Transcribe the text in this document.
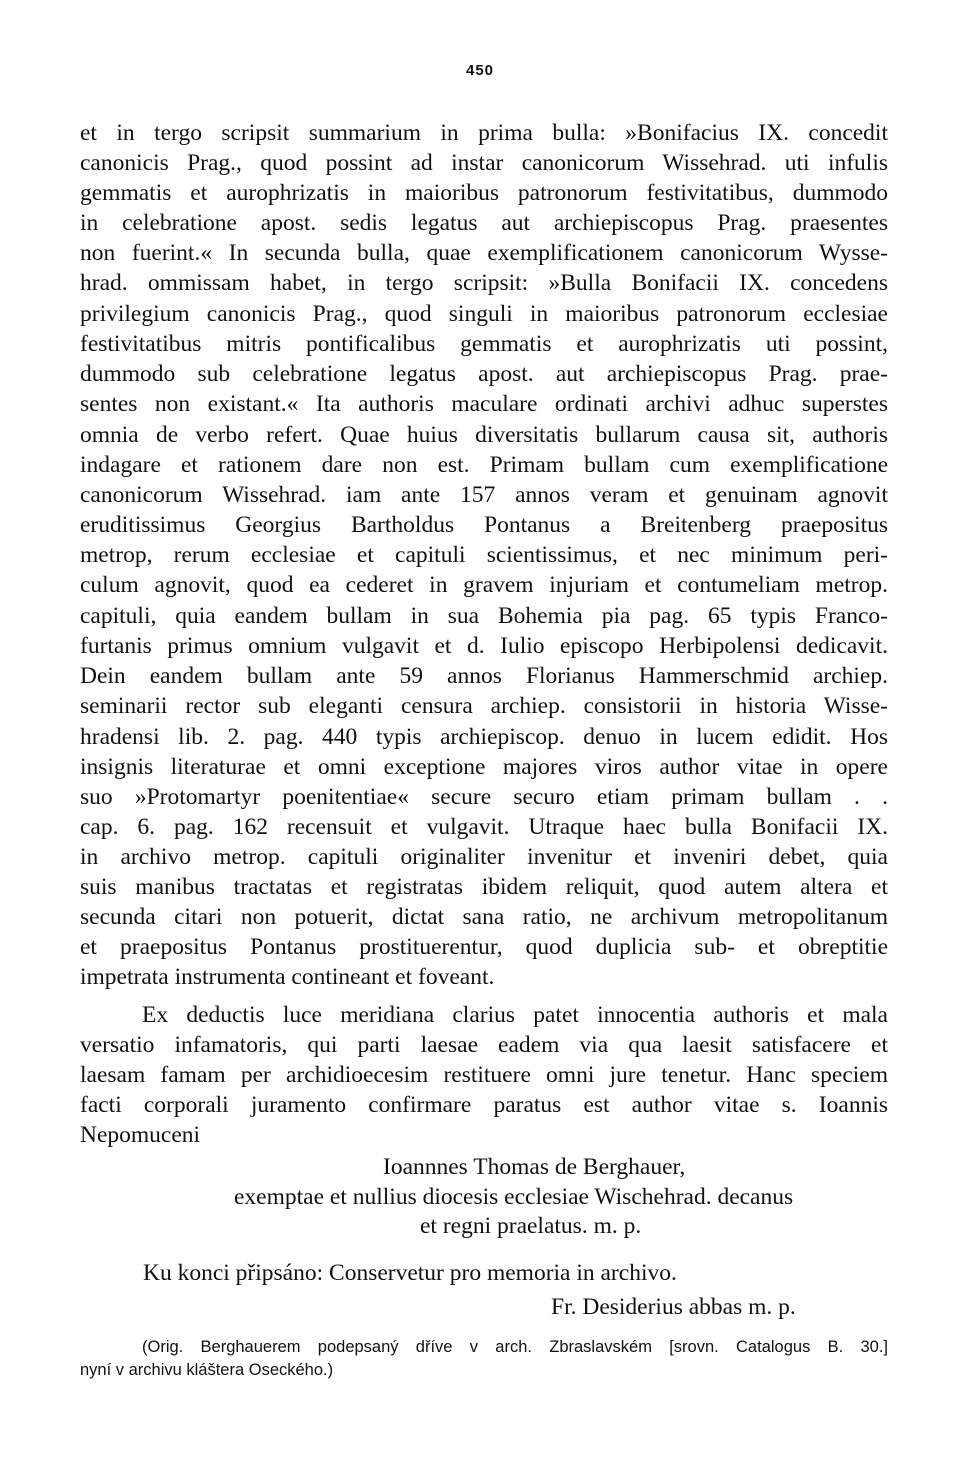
450
et in tergo scripsit summarium in prima bulla: »Bonifacius IX. concedit
canonicis Prag., quod possint ad instar canonicorum Wissehrad. uti infulis
gemmatis et aurophrizatis in maioribus patronorum festivitatibus, dummodo
in celebratione apost. sedis legatus aut archiepiscopus Prag. praesentes
non fuerint.« In secunda bulla, quae exemplificationem canonicorum Wysse-
hrad. ommissam habet, in tergo scripsit: »Bulla Bonifacii IX. concedens
privilegium canonicis Prag., quod singuli in maioribus patronorum ecclesiae
festivitatibus mitris pontificalibus gemmatis et aurophrizatis uti possint,
dummodo sub celebratione legatus apost. aut archiepiscopus Prag. prae-
sentes non existant.« Ita authoris maculare ordinati archivi adhuc superstes
omnia de verbo refert. Quae huius diversitatis bullarum causa sit, authoris
indagare et rationem dare non est. Primam bullam cum exemplificatione
canonicorum Wissehrad. iam ante 157 annos veram et genuinam agnovit
eruditissimus Georgius Bartholdus Pontanus a Breitenberg praepositus
metrop, rerum ecclesiae et capituli scientissimus, et nec minimum peri-
culum agnovit, quod ea cederet in gravem injuriam et contumeliam metrop.
capituli, quia eandem bullam in sua Bohemia pia pag. 65 typis Franco-
furtanis primus omnium vulgavit et d. Iulio episcopo Herbipolensi dedicavit.
Dein eandem bullam ante 59 annos Florianus Hammerschmid archiep.
seminarii rector sub eleganti censura archiep. consistorii in historia Wisse-
hradensi lib. 2. pag. 440 typis archiepiscop. denuo in lucem edidit. Hos
insignis literaturae et omni exceptione majores viros author vitae in opere
suo »Protomartyr poenitentiae« secure securo etiam primam bullam . .
cap. 6. pag. 162 recensuit et vulgavit. Utraque haec bulla Bonifacii IX.
in archivo metrop. capituli originaliter invenitur et inveniri debet, quia
suis manibus tractatas et registratas ibidem reliquit, quod autem altera et
secunda citari non potuerit, dictat sana ratio, ne archivum metropolitanum
et praepositus Pontanus prostituerentur, quod duplicia sub- et obreptitie
impetrata instrumenta contineant et foveant.
Ex deductis luce meridiana clarius patet innocentia authoris et mala
versatio infamatoris, qui parti laesae eadem via qua laesit satisfacere et
laesam famam per archidioecesim restituere omni jure tenetur. Hanc speciem
facti corporali juramento confirmare paratus est author vitae s. Ioannis
Nepomuceni
Ioannnes Thomas de Berghauer,
exemptae et nullius diocesis ecclesiae Wischehrad. decanus
et regni praelatus. m. p.
Ku konci připsáno: Conservetur pro memoria in archivo.
Fr. Desiderius abbas m. p.
(Orig. Berghauerem podepsaný dříve v arch. Zbraslavském [srovn. Catalogus B. 30.]
nyní v archivu kláštera Oseckého.)
